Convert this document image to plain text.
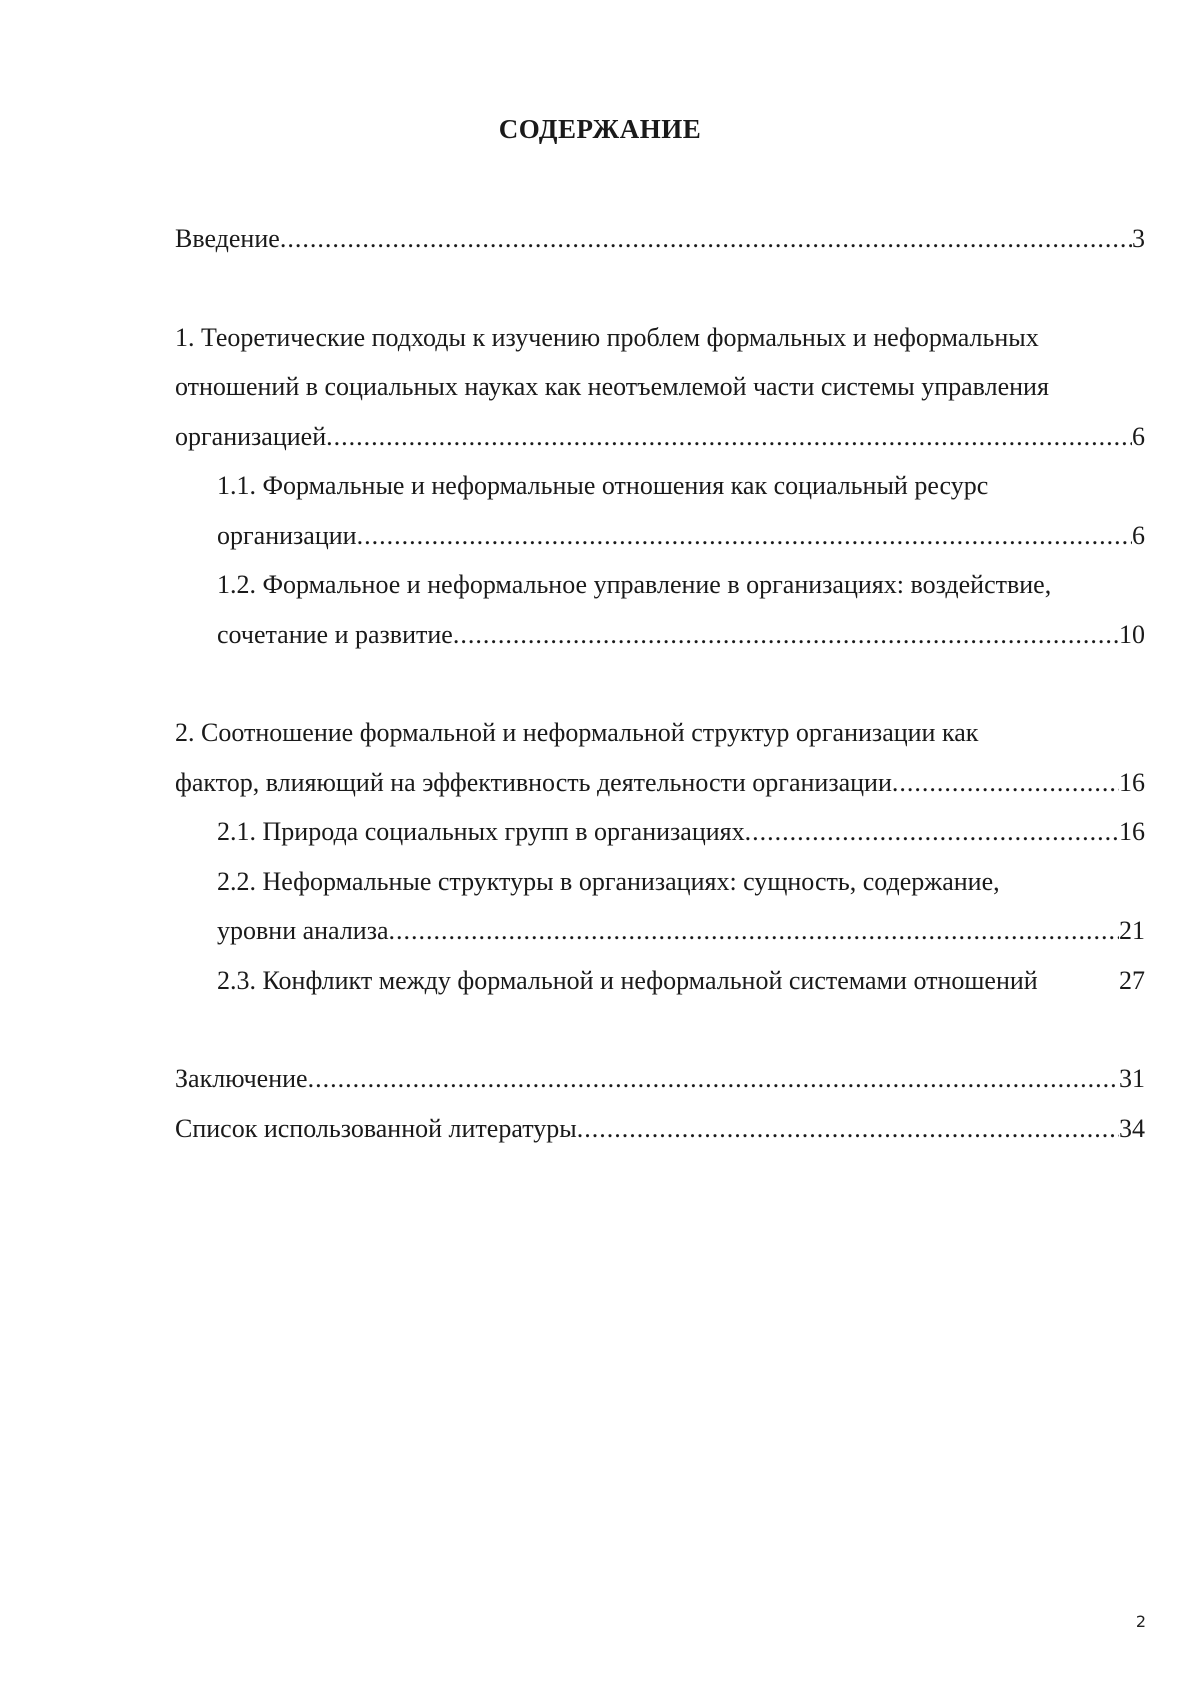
СОДЕРЖАНИЕ
Введение .....	3
1. Теоретические подходы к изучению проблем формальных и неформальных отношений в социальных науках как неотъемлемой части системы управления
организацией .....	6
1.1. Формальные и неформальные отношения как социальный ресурс
организации .....	6
1.2. Формальное и неформальное управление в организациях: воздействие,
сочетание и развитие .....	10
2. Соотношение формальной и неформальной структур организации как
фактор, влияющий на эффективность деятельности организации .....	16
2.1. Природа социальных групп в организациях .....	16
2.2. Неформальные структуры в организациях: сущность, содержание,
уровни анализа .....	21
2.3. Конфликт между формальной и неформальной системами отношений	27
Заключение .....	31
Список использованной литературы .....	34
2
